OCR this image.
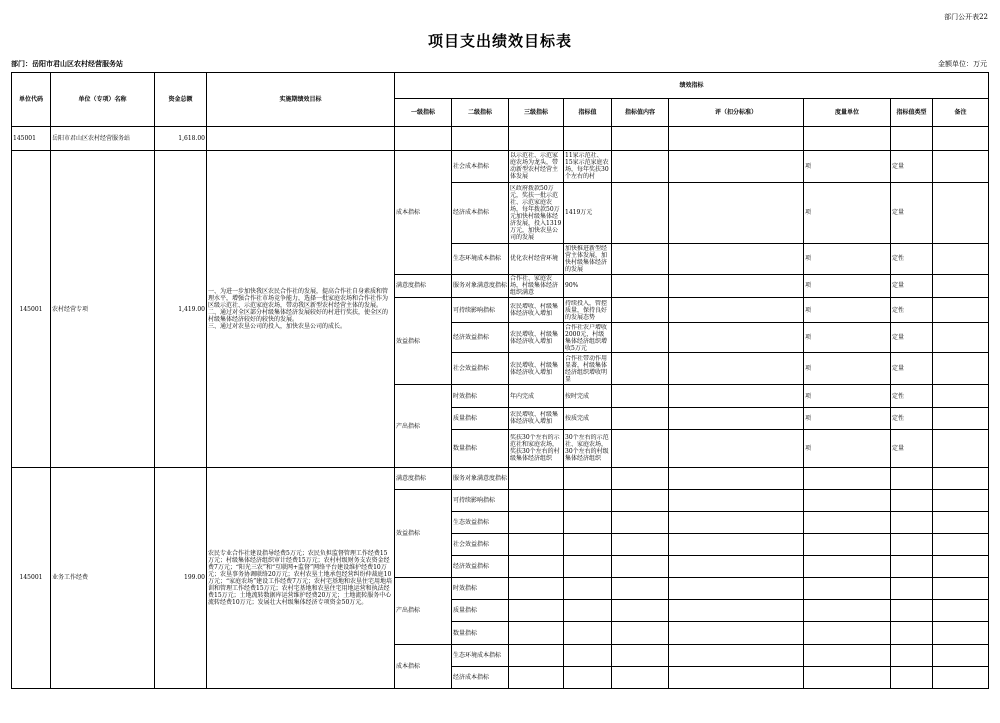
部门公开表22
项目支出绩效目标表
部门：岳阳市君山区农村经营服务站	金额单位：万元
单位代码	单位（专项）名称	资金总额	实施期绩效目标	绩效指标								
				一级指标	二级指标	三级指标	指标值	指标值内容	评（扣分标准）	度量单位	指标值类型	备注
145001	岳阳市君山区农村经营服务站	1,618.00										
145001	农村经营专项	1,419.00	一、为进一步加快我区农民合作社的发展，提高合作社自身素质和管理水平，增强合作社市场竞争能力，选择一批家庭农场和合作社作为区级示范社、示范家庭农场，带动我区新型农村经营主体的发展。
二、通过对全区部分村级集体经济发展较好的村进行奖扶，使全区的村级集体经济较好的较快的发展。
三、通过对农垦公司的投入，加快农垦公司的成长。	成本指标	社会成本指标	以示范社、示范家庭农场为龙头，带动新型农村经营主体发展	11家示范社、15家示范家庭农场，每年奖扶30个左右的村			项	定量	
					经济成本指标	区政府拨款50万元，奖扶一批示范社、示范家庭农场，每年拨款50万元加快村级集体经济发展，投入1319万元，加快农垦公司的发展	1419万元			项	定量	
					生态环境成本指标	优化农村经营环境	加快推进新型经营主体发展，加快村级集体经济的发展			项	定性	
				满意度指标	服务对象满意度指标	合作社、家庭农场，村级集体经济组织满意	90%			项	定量	
				效益指标	可持续影响指标	农民增收、村级集体经济收入增加	持续投入，管控质量，保持良好的发展态势			项	定性	
					经济效益指标	农民增收、村级集体经济收入增加	合作社农户增收2000元，村级集体经济组织增收5万元			项	定量	
					社会效益指标	农民增收、村级集体经济收入增加	合作社带动作用显著，村级集体经济组织增收明显			项	定量	
				产出指标	时效指标	年内完成	按时完成			项	定性	
					质量指标	农民增收、村级集体经济收入增加	按质完成			项	定性	
					数量指标	奖扶30个左右的示范社和家庭农场，奖扶30个左右的村级集体经济组织	30个左右的示范社、家庭农场，30个左右的村级集体经济组织			项	定量	
145001	业务工作经费	199.00	农民专业合作社建设指导经费5万元；农民负担监督管理工作经费15万元；村级集体经济组织审计经费15万元；农村村级财务支农资金经费7万元；“阳光三农”和“互联网+监督”网络平台建设维护经费10万元；农垦事务协调联络20万元；农村农垦土地承包经营纠纷仲裁庭10万元；“家庭农场”建设工作经费7万元；农村宅基地和农垦住宅用地培训和管理工作经费15万元；农村宅基地和农垦住宅用地运营和执法经费15万元；土地流转数据库运营维护经费20万元；土地流转服务中心流转经费10万元；发展壮大村级集体经济专项资金50万元。	满意度指标	服务对象满意度指标							
				效益指标	可持续影响指标							
					生态效益指标							
					社会效益指标							
					经济效益指标							
				产出指标	时效指标							
					质量指标							
					数量指标							
				成本指标	生态环境成本指标							
					经济成本指标							
